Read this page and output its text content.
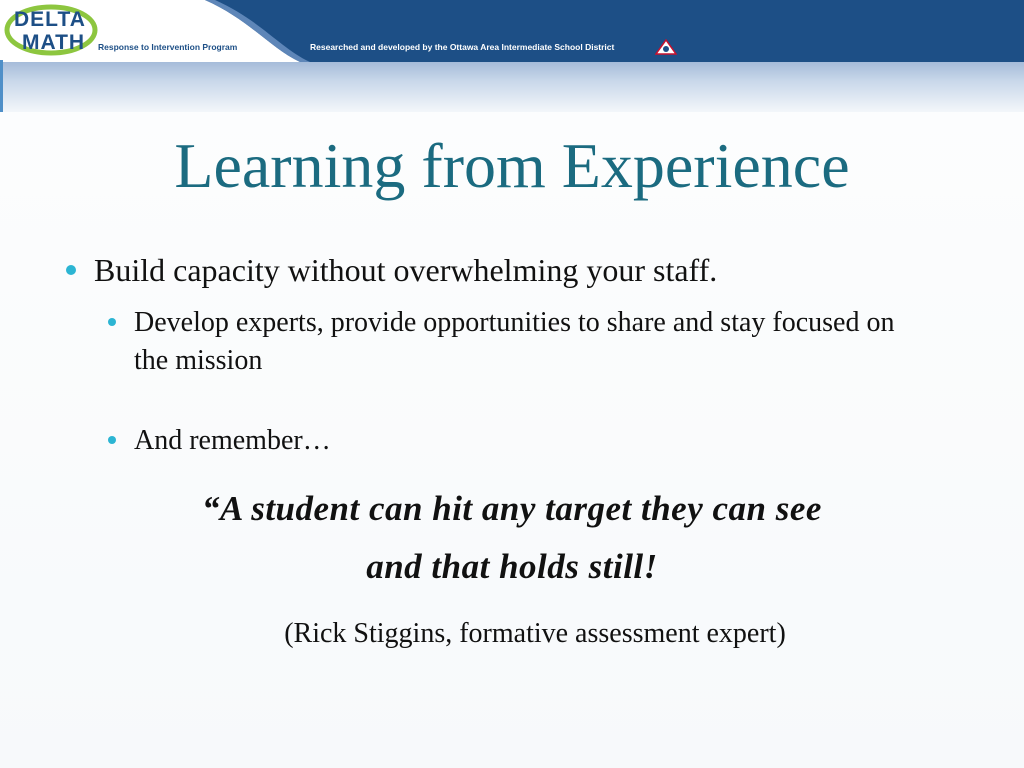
DELTA
MATH Response to Intervention Program	Researched and developed by the Ottawa Area Intermediate School District
Learning from Experience
Build capacity without overwhelming your staff.
Develop experts, provide opportunities to share and stay focused on the mission
And remember…
“A student can hit any target they can see
and that holds still!
(Rick Stiggins, formative assessment expert)
